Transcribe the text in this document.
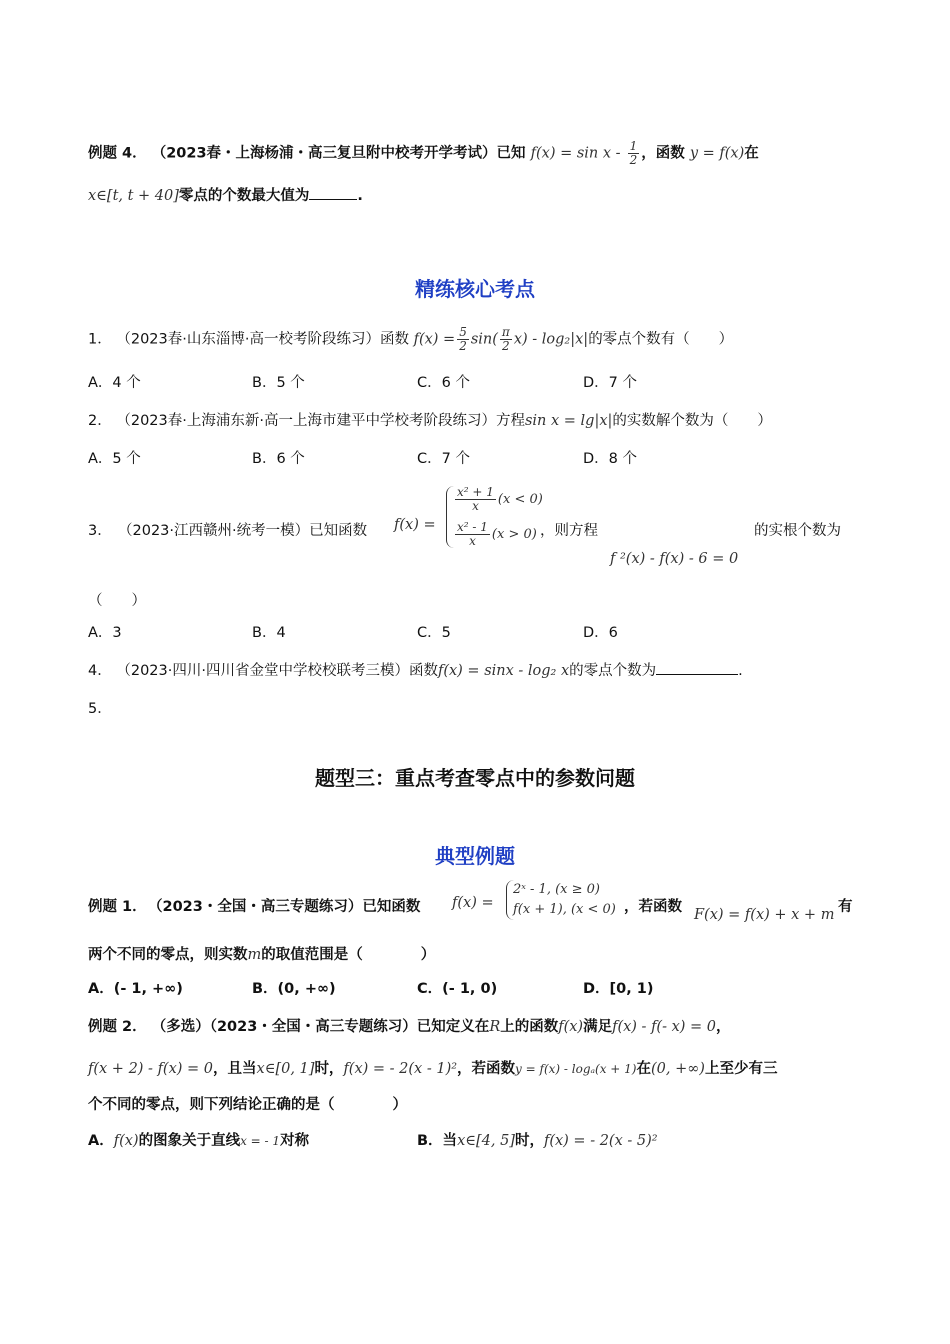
例题 4． （2023春・上海杨浦・高三复旦附中校考开学考试）已知 $f(x) = \sin x - \frac{1}{2}$ ，函数 y = f(x)在
x∈[t, t + 40]零点的个数最大值为	.
精练核心考点
1． （2023春·山东淄博·高一校考阶段练习）函数 $f(x) = \frac{5}{2} \sin( \frac{\pi}{2} x) - \log_2|x|$的零点个数有（　　）
A．4 个	B．5 个	C．6 个	D．7 个
2． （2023春·上海浦东新·高一上海市建平中学校考阶段练习）方程sin x = lg|x|的实数解个数为（　　）
A．5 个	B．6 个	C．7 个	D．8 个
3． （2023·江西赣州·统考一模）已知函数 f(x) =
$\frac{\text{x² + 1}}{x} (x < 0)$
$\frac{\text{x² - 1}}{x} (x > 0)$ ，则方程
f ²(x) - f(x) - 6 = 0
的实根个数为
（　　）
A．3	B．4	C．5	D．6
4． （2023·四川·四川省金堂中学校校联考三模）函数f(x) = sinx - log₂ x的零点个数为	.
5．
题型三：重点考查零点中的参数问题
典型例题
例题 1． （2023・全国・高三专题练习）已知函数 f(x) =
2ˣ - 1, (x ≥ 0)
f(x + 1), (x < 0) ，若函数 F(x) = f(x) + x + m 有
两个不同的零点，则实数m的取值范围是（　　　　）
A．(- 1, +∞)	B．(0, +∞)	C．(- 1, 0)	D．[0, 1)
例题 2． （多选）（2023・全国・高三专题练习）已知定义在R上的函数f(x)满足f(x) - f(- x) = 0，
f(x + 2) - f(x) = 0，且当x∈[0, 1]时，f(x) = - 2(x - 1)²，若函数y = f(x) - logₐ(x + 1)在(0, +∞)上至少有三
个不同的零点，则下列结论正确的是（　　　　）
A．f(x)的图象关于直线x = - 1对称	B．当x∈[4, 5]时，f(x) = - 2(x - 5)²
